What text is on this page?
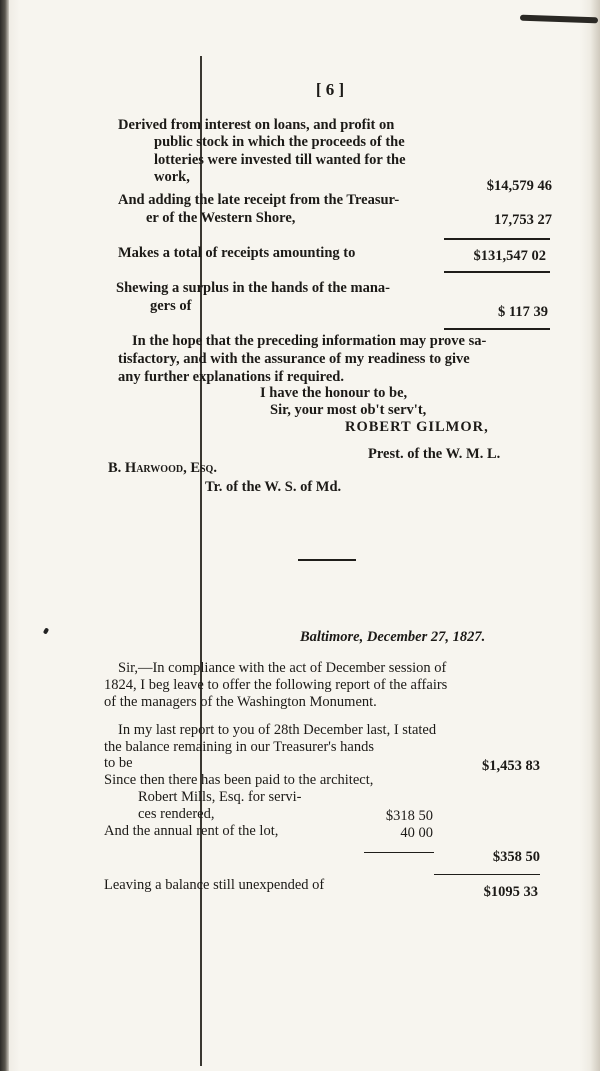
[ 6 ]
Derived from interest on loans, and profit on
public stock in which the proceeds of the
lotteries were invested till wanted for the
work,
$14,579 46
And adding the late receipt from the Treasur-
er of the Western Shore,	17,753 27
Makes a total of receipts amounting to	$131,547 02
Shewing a surplus in the hands of the mana-
gers of	$ 117 39
In the hope that the preceding information may prove sa-
tisfactory, and with the assurance of my readiness to give
any further explanations if required.
I have the honour to be,
Sir, your most ob't serv't,
ROBERT GILMOR,
Prest. of the W. M. L.
B. Harwood, Esq.
Tr. of the W. S. of Md.
Baltimore, December 27, 1827.
Sir,—In compliance with the act of December session of
1824, I beg leave to offer the following report of the affairs
of the managers of the Washington Monument.
In my last report to you of 28th December last, I stated
the balance remaining in our Treasurer's hands
to be	$1,453 83
Since then there has been paid to the architect,
Robert Mills, Esq. for servi-
ces rendered,	$318 50
And the annual rent of the lot,	40 00
$358 50
Leaving a balance still unexpended of	$1095 33
